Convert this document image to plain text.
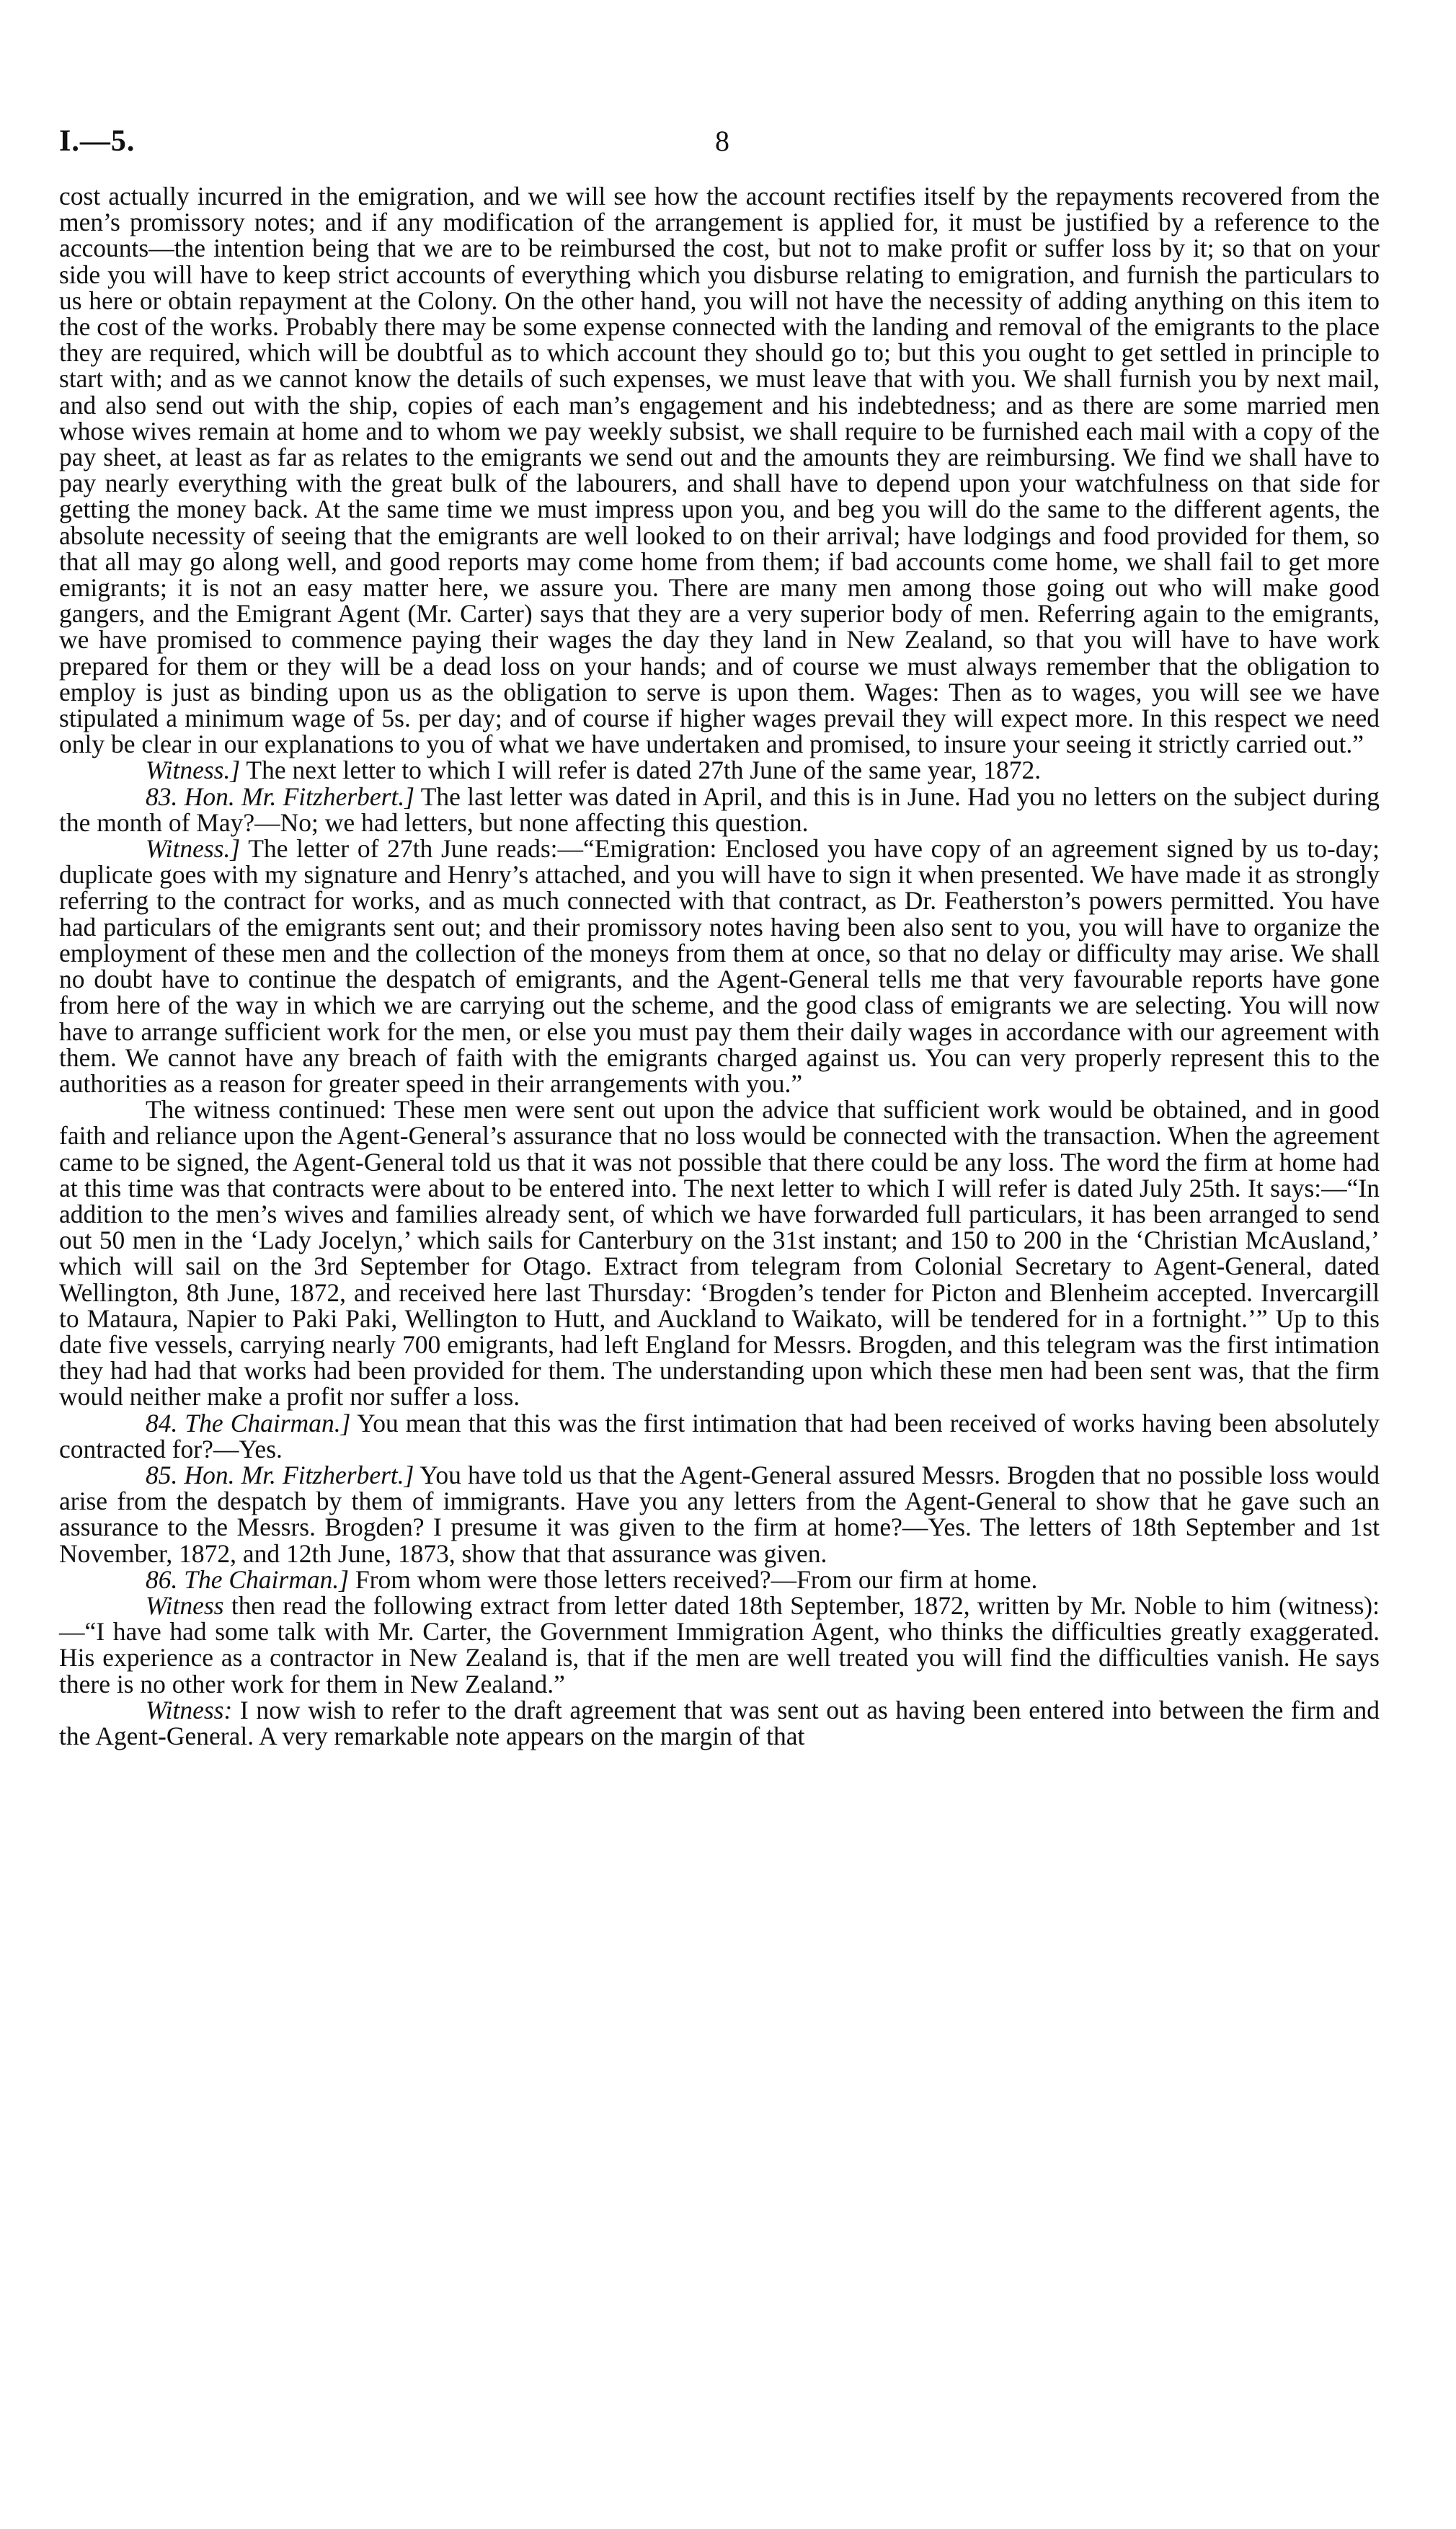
I.—5.	8

cost actually incurred in the emigration, and we will see how the account rectifies itself by the repayments recovered from the men’s promissory notes; and if any modification of the arrangement is applied for, it must be justified by a reference to the accounts—the intention being that we are to be reimbursed the cost, but not to make profit or suffer loss by it; so that on your side you will have to keep strict accounts of everything which you disburse relating to emigration, and furnish the particulars to us here or obtain repayment at the Colony. On the other hand, you will not have the necessity of adding anything on this item to the cost of the works. Probably there may be some expense connected with the landing and removal of the emigrants to the place they are required, which will be doubtful as to which account they should go to; but this you ought to get settled in principle to start with; and as we cannot know the details of such expenses, we must leave that with you. We shall furnish you by next mail, and also send out with the ship, copies of each man’s engagement and his indebtedness; and as there are some married men whose wives remain at home and to whom we pay weekly subsist, we shall require to be furnished each mail with a copy of the pay sheet, at least as far as relates to the emigrants we send out and the amounts they are reimbursing. We find we shall have to pay nearly everything with the great bulk of the labourers, and shall have to depend upon your watchfulness on that side for getting the money back. At the same time we must impress upon you, and beg you will do the same to the different agents, the absolute necessity of seeing that the emigrants are well looked to on their arrival; have lodgings and food provided for them, so that all may go along well, and good reports may come home from them; if bad accounts come home, we shall fail to get more emigrants; it is not an easy matter here, we assure you. There are many men among those going out who will make good gangers, and the Emigrant Agent (Mr. Carter) says that they are a very superior body of men. Referring again to the emigrants, we have promised to commence paying their wages the day they land in New Zealand, so that you will have to have work prepared for them or they will be a dead loss on your hands; and of course we must always remember that the obligation to employ is just as binding upon us as the obligation to serve is upon them. Wages: Then as to wages, you will see we have stipulated a minimum wage of 5s. per day; and of course if higher wages prevail they will expect more. In this respect we need only be clear in our explanations to you of what we have undertaken and promised, to insure your seeing it strictly carried out.”

Witness.] The next letter to which I will refer is dated 27th June of the same year, 1872.

83. Hon. Mr. Fitzherbert.] The last letter was dated in April, and this is in June. Had you no letters on the subject during the month of May?—No; we had letters, but none affecting this question.

Witness.] The letter of 27th June reads:—“Emigration: Enclosed you have copy of an agreement signed by us to-day; duplicate goes with my signature and Henry’s attached, and you will have to sign it when presented. We have made it as strongly referring to the contract for works, and as much connected with that contract, as Dr. Featherston’s powers permitted. You have had particulars of the emigrants sent out; and their promissory notes having been also sent to you, you will have to organize the employment of these men and the collection of the moneys from them at once, so that no delay or difficulty may arise. We shall no doubt have to continue the despatch of emigrants, and the Agent-General tells me that very favourable reports have gone from here of the way in which we are carrying out the scheme, and the good class of emigrants we are selecting. You will now have to arrange sufficient work for the men, or else you must pay them their daily wages in accordance with our agreement with them. We cannot have any breach of faith with the emigrants charged against us. You can very properly represent this to the authorities as a reason for greater speed in their arrangements with you.”

The witness continued: These men were sent out upon the advice that sufficient work would be obtained, and in good faith and reliance upon the Agent-General’s assurance that no loss would be connected with the transaction. When the agreement came to be signed, the Agent-General told us that it was not possible that there could be any loss. The word the firm at home had at this time was that contracts were about to be entered into. The next letter to which I will refer is dated July 25th. It says:—“In addition to the men’s wives and families already sent, of which we have forwarded full particulars, it has been arranged to send out 50 men in the ‘Lady Jocelyn,’ which sails for Canterbury on the 31st instant; and 150 to 200 in the ‘Christian McAusland,’ which will sail on the 3rd September for Otago. Extract from telegram from Colonial Secretary to Agent-General, dated Wellington, 8th June, 1872, and received here last Thursday: ‘Brogden’s tender for Picton and Blenheim accepted. Invercargill to Mataura, Napier to Paki Paki, Wellington to Hutt, and Auckland to Waikato, will be tendered for in a fortnight.’” Up to this date five vessels, carrying nearly 700 emigrants, had left England for Messrs. Brogden, and this telegram was the first intimation they had had that works had been provided for them. The understanding upon which these men had been sent was, that the firm would neither make a profit nor suffer a loss.

84. The Chairman.] You mean that this was the first intimation that had been received of works having been absolutely contracted for?—Yes.

85. Hon. Mr. Fitzherbert.] You have told us that the Agent-General assured Messrs. Brogden that no possible loss would arise from the despatch by them of immigrants. Have you any letters from the Agent-General to show that he gave such an assurance to the Messrs. Brogden? I presume it was given to the firm at home?—Yes. The letters of 18th September and 1st November, 1872, and 12th June, 1873, show that that assurance was given.

86. The Chairman.] From whom were those letters received?—From our firm at home.

Witness then read the following extract from letter dated 18th September, 1872, written by Mr. Noble to him (witness):—“I have had some talk with Mr. Carter, the Government Immigration Agent, who thinks the difficulties greatly exaggerated. His experience as a contractor in New Zealand is, that if the men are well treated you will find the difficulties vanish. He says there is no other work for them in New Zealand.”

Witness: I now wish to refer to the draft agreement that was sent out as having been entered into between the firm and the Agent-General. A very remarkable note appears on the margin of that
